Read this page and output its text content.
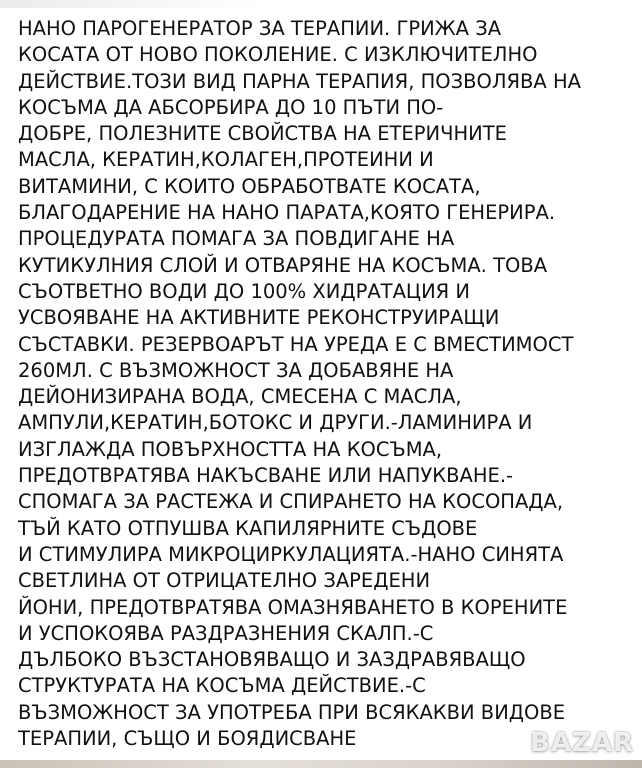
НАНО ПАРОГЕНЕРАТОР ЗА ТЕРАПИИ. ГРИЖА ЗА
КОСАТА ОТ НОВО ПОКОЛЕНИЕ. С ИЗКЛЮЧИТЕЛНО
ДЕЙСТВИЕ.ТОЗИ ВИД ПАРНА ТЕРАПИЯ, ПОЗВОЛЯВА НА
КОСЪМА ДА АБСОРБИРА ДО 10 ПЪТИ ПО-
ДОБРЕ, ПОЛЕЗНИТЕ СВОЙСТВА НА ЕТЕРИЧНИТЕ
МАСЛА, КЕРАТИН,КОЛАГЕН,ПРОТЕИНИ И
ВИТАМИНИ, С КОИТО ОБРАБОТВАТЕ КОСАТА,
БЛАГОДАРЕНИЕ НА НАНО ПАРАТА,КОЯТО ГЕНЕРИРА.
ПРОЦЕДУРАТА ПОМАГА ЗА ПОВДИГАНЕ НА
КУТИКУЛНИЯ СЛОЙ И ОТВАРЯНЕ НА КОСЪМА. ТОВА
СЪОТВЕТНО ВОДИ ДО 100% ХИДРАТАЦИЯ И
УСВОЯВАНЕ НА АКТИВНИТЕ РЕКОНСТРУИРАЩИ
СЪСТАВКИ. РЕЗЕРВОАРЪТ НА УРЕДА Е С ВМЕСТИМОСТ
260МЛ. С ВЪЗМОЖНОСТ ЗА ДОБАВЯНЕ НА
ДЕЙОНИЗИРАНА ВОДА, СМЕСЕНА С МАСЛА,
АМПУЛИ,КЕРАТИН,БОТОКС И ДРУГИ.-ЛАМИНИРА И
ИЗГЛАЖДА ПОВЪРХНОСТТА НА КОСЪМА,
ПРЕДОТВРАТЯВА НАКЪСВАНЕ ИЛИ НАПУКВАНЕ.-
СПОМАГА ЗА РАСТЕЖА И СПИРАНЕТО НА КОСОПАДА,
ТЪЙ КАТО ОТПУШВА КАПИЛЯРНИТЕ СЪДОВЕ
И СТИМУЛИРА МИКРОЦИРКУЛАЦИЯТА.-НАНО СИНЯТА
СВЕТЛИНА ОТ ОТРИЦАТЕЛНО ЗАРЕДЕНИ
ЙОНИ, ПРЕДОТВРАТЯВА ОМАЗНЯВАНЕТО В КОРЕНИТЕ
И УСПОКОЯВА РАЗДРАЗНЕНИЯ СКАЛП.-С
ДЪЛБОКО ВЪЗСТАНОВЯВАЩО И ЗАЗДРАВЯВАЩО
СТРУКТУРАТА НА КОСЪМА ДЕЙСТВИЕ.-С
ВЪЗМОЖНОСТ ЗА УПОТРЕБА ПРИ ВСЯКАКВИ ВИДОВЕ
ТЕРАПИИ, СЪЩО И БОЯДИСВАНЕ	BAZAR
